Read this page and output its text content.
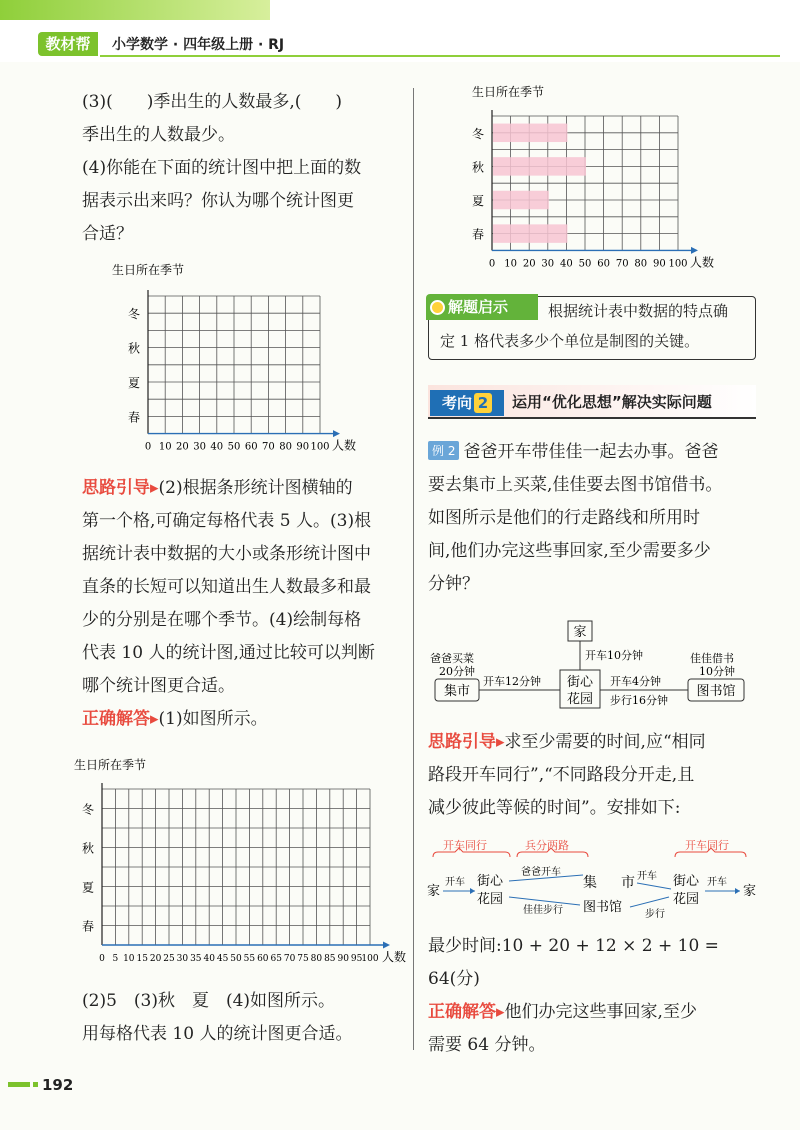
教材帮	小学数学 · 四年级上册 · RJ

(3)(　　)季出生的人数最多,(　　)

季出生的人数最少。

(4)你能在下面的统计图中把上面的数

据表示出来吗？你认为哪个统计图更

合适？

生日所在季节
冬
秋
夏
春
0 10 20 30 40 50 60 70 80 90 100 人数

思路引导▸(2)根据条形统计图横轴的

第一个格,可确定每格代表 5 人。(3)根

据统计表中数据的大小或条形统计图中

直条的长短可以知道出生人数最多和最

少的分别是在哪个季节。(4)绘制每格

代表 10 人的统计图,通过比较可以判断

哪个统计图更合适。

正确解答▸(1)如图所示。

生日所在季节
冬
秋
夏
春
0 5 10 15 20 25 30 35 40 45 50 55 60 65 70 75 80 85 90 95 100 人数

(2)5　(3)秋　夏　(4)如图所示。

用每格代表 10 人的统计图更合适。

生日所在季节
冬
秋
夏
春
0 10 20 30 40 50 60 70 80 90 100 人数
解题启示	根据统计表中数据的特点确
定 1 格代表多少个单位是制图的关键。
考向 2	运用“优化思想”解决实际问题

例 2 爸爸开车带佳佳一起去办事。爸爸

要去集市上买菜,佳佳要去图书馆借书。

如图所示是他们的行走路线和所用时

间,他们办完这些事回家,至少需要多少

分钟？

家
开车10分钟
街心
花园
集市
开车12分钟
爸爸买菜
20分钟
图书馆
开车4分钟
步行16分钟
佳佳借书
10分钟

思路引导▸求至少需要的时间,应“相同

路段开车同行”,“不同路段分开走,且

减少彼此等候的时间”。安排如下:

开车同行	兵分两路	开车同行
家
开车 街心
花园
爸爸开车
集
佳佳步行 图书馆
市 开车
步行
街心
花园
开车
家

最少时间:10 + 20 + 12 × 2 + 10 = 64(分)

正确解答▸他们办完这些事回家,至少

需要 64 分钟。

192
